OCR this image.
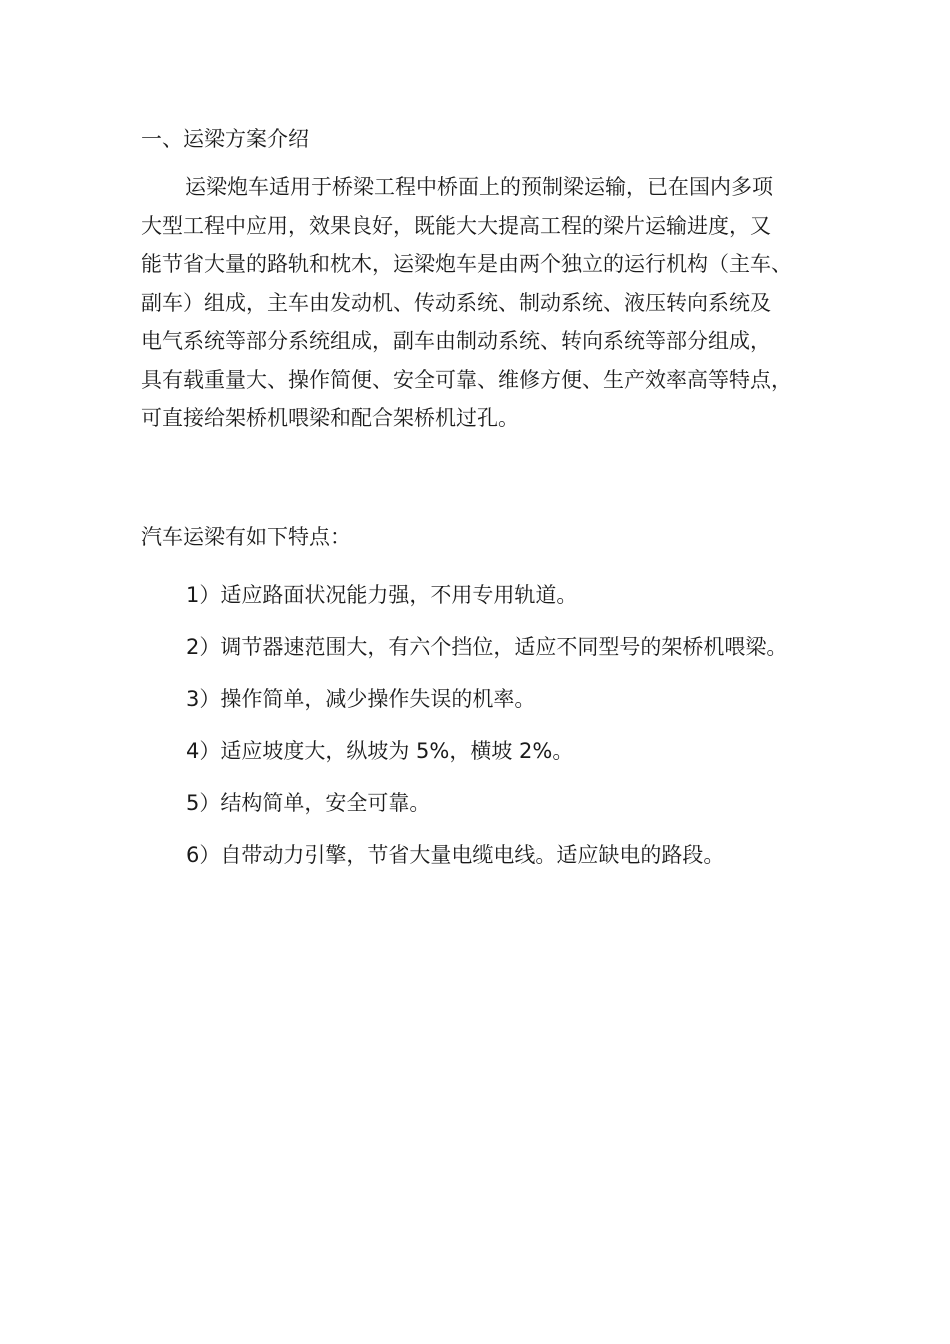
一、运梁方案介绍
运梁炮车适用于桥梁工程中桥面上的预制梁运输，已在国内多项
大型工程中应用，效果良好，既能大大提高工程的梁片运输进度，又
能节省大量的路轨和枕木，运梁炮车是由两个独立的运行机构（主车、
副车）组成，主车由发动机、传动系统、制动系统、液压转向系统及
电气系统等部分系统组成，副车由制动系统、转向系统等部分组成，
具有载重量大、操作简便、安全可靠、维修方便、生产效率高等特点，
可直接给架桥机喂梁和配合架桥机过孔。
汽车运梁有如下特点：
1）适应路面状况能力强，不用专用轨道。
2）调节器速范围大，有六个挡位，适应不同型号的架桥机喂梁。
3）操作简单，减少操作失误的机率。
4）适应坡度大，纵坡为 5%，横坡 2%。
5）结构简单，安全可靠。
6）自带动力引擎，节省大量电缆电线。适应缺电的路段。
